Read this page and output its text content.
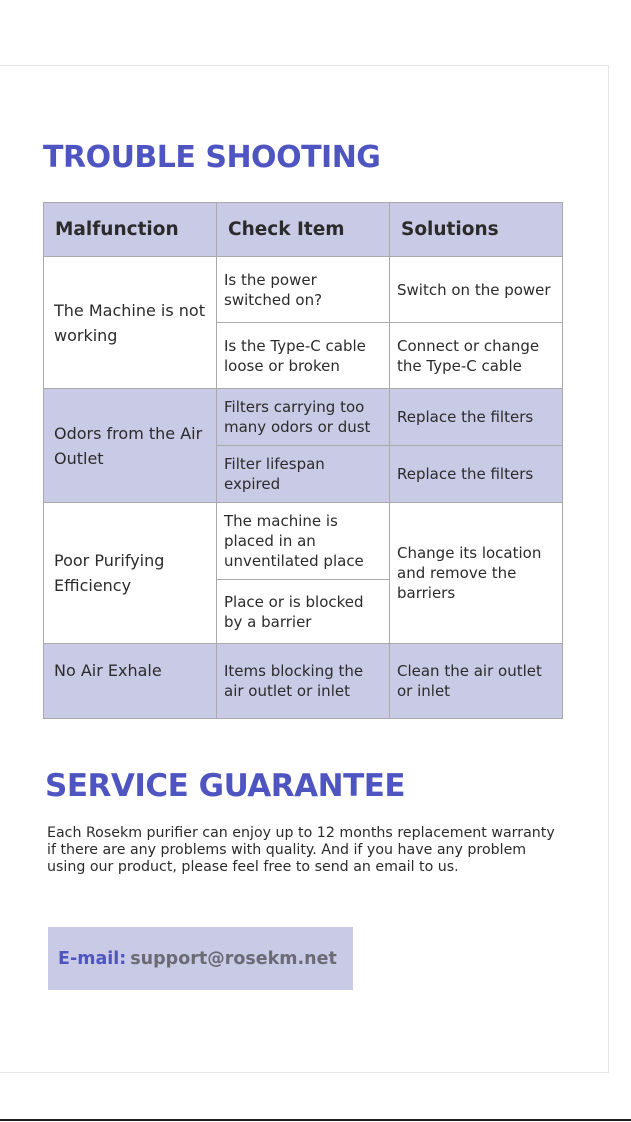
TROUBLE SHOOTING
Malfunction	Check Item	Solutions
The Machine is not working	Is the power switched on?	Switch on the power
	Is the Type-C cable loose or broken	Connect or change the Type-C cable
Odors from the Air Outlet	Filters carrying too many odors or dust	Replace the filters
	Filter lifespan expired	Replace the filters
Poor Purifying Efficiency	The machine is placed in an unventilated place	Change its location and remove the barriers
	Place or is blocked by a barrier	
No Air Exhale	Items blocking the air outlet or inlet	Clean the air outlet or inlet
SERVICE GUARANTEE

Each Rosekm purifier can enjoy up to 12 months replacement warranty if there are any problems with quality. And if you have any problem using our product, please feel free to send an email to us.

E-mail: support@rosekm.net
